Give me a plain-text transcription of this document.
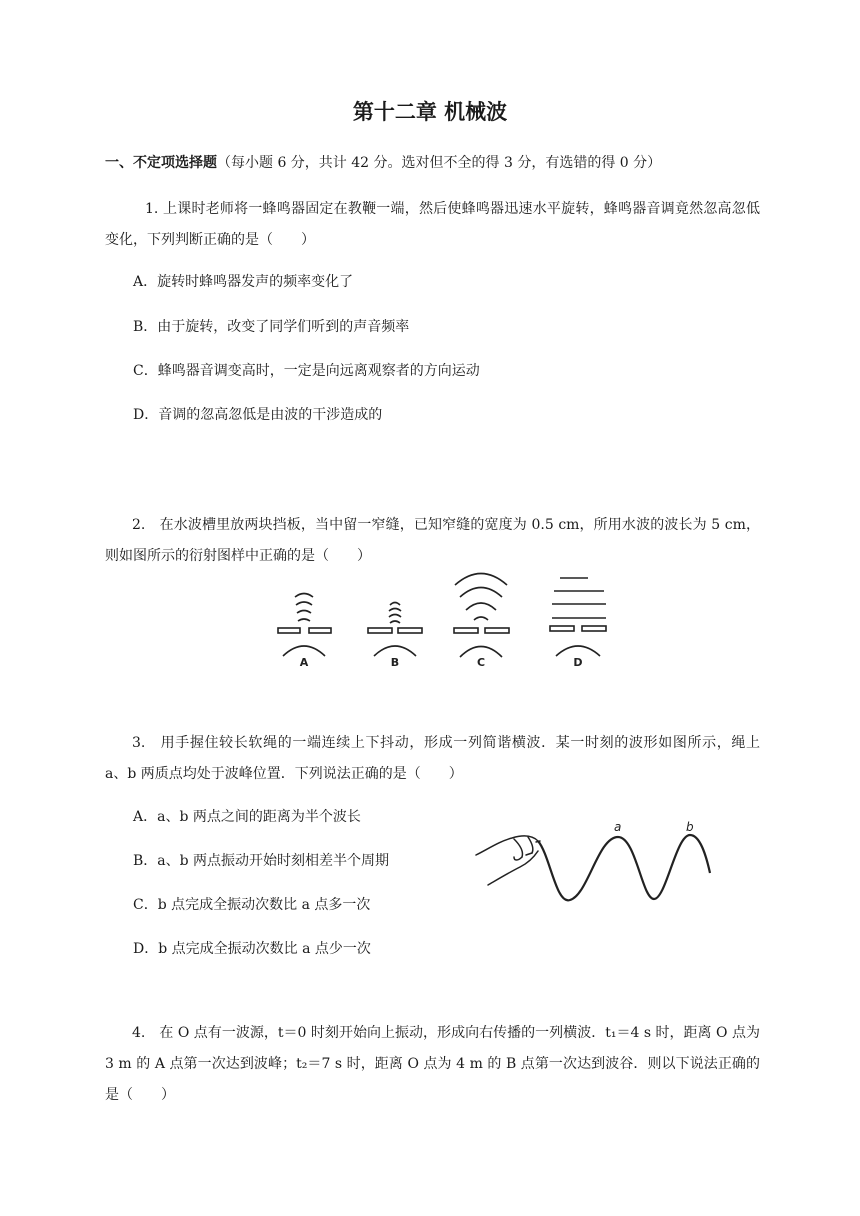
第十二章 机械波
一、不定项选择题（每小题 6 分，共计 42 分。选对但不全的得 3 分，有选错的得 0 分）
1. 上课时老师将一蜂鸣器固定在教鞭一端，然后使蜂鸣器迅速水平旋转，蜂鸣器音调竟然忽高忽低变化，下列判断正确的是（　　）
A．旋转时蜂鸣器发声的频率变化了
B．由于旋转，改变了同学们听到的声音频率
C．蜂鸣器音调变高时，一定是向远离观察者的方向运动
D．音调的忽高忽低是由波的干涉造成的
2.　在水波槽里放两块挡板，当中留一窄缝，已知窄缝的宽度为 0.5 cm，所用水波的波长为 5 cm，则如图所示的衍射图样中正确的是（　　）
A	B	C	D
3.　用手握住较长软绳的一端连续上下抖动，形成一列简谐横波．某一时刻的波形如图所示，绳上 a、b 两质点均处于波峰位置．下列说法正确的是（　　）
A．a、b 两点之间的距离为半个波长
B．a、b 两点振动开始时刻相差半个周期
C．b 点完成全振动次数比 a 点多一次
D．b 点完成全振动次数比 a 点少一次
a	b
4.　在 O 点有一波源，t＝0 时刻开始向上振动，形成向右传播的一列横波．t₁＝4 s 时，距离 O 点为 3 m 的 A 点第一次达到波峰；t₂＝7 s 时，距离 O 点为 4 m 的 B 点第一次达到波谷．则以下说法正确的是（　　）
